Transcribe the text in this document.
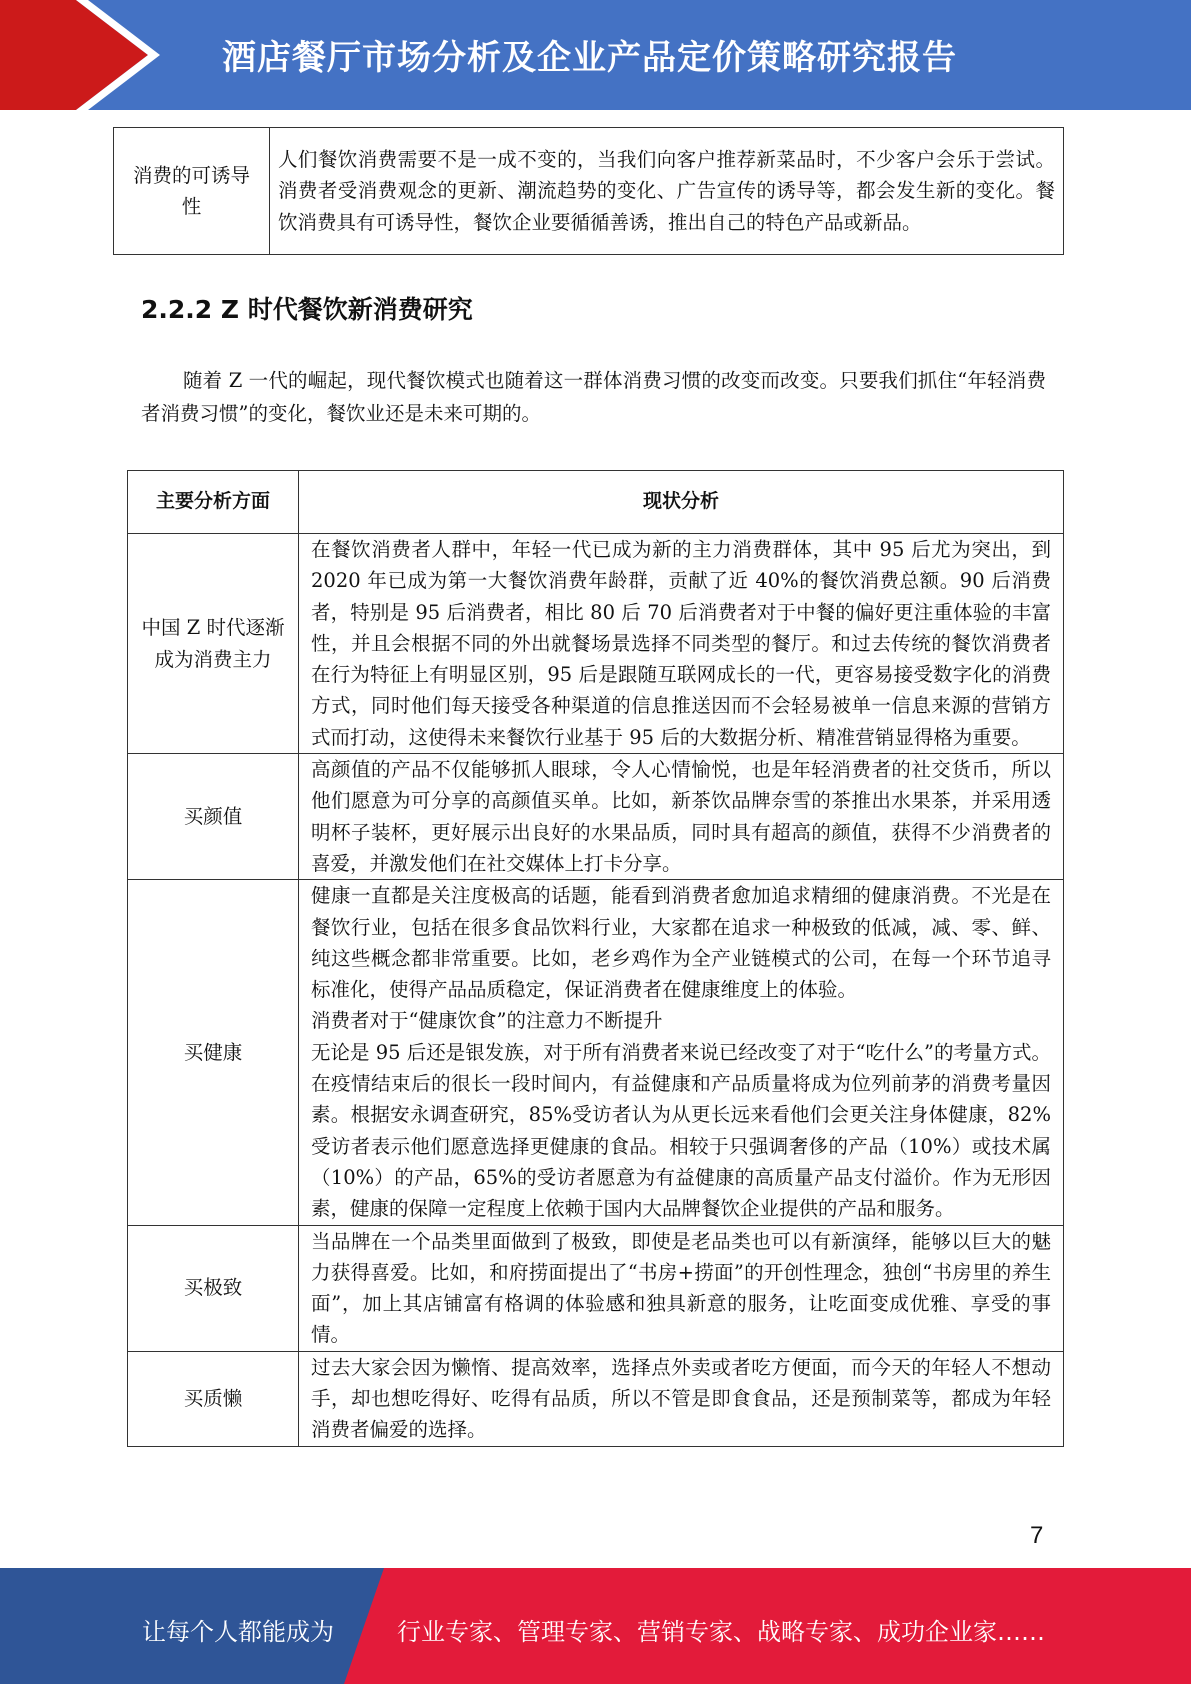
酒店餐厅市场分析及企业产品定价策略研究报告
消费的可诱导性	人们餐饮消费需要不是一成不变的，当我们向客户推荐新菜品时，不少客户会乐于尝试。消费者受消费观念的更新、潮流趋势的变化、广告宣传的诱导等，都会发生新的变化。餐饮消费具有可诱导性，餐饮企业要循循善诱，推出自己的特色产品或新品。
2.2.2 Z 时代餐饮新消费研究

随着 Z 一代的崛起，现代餐饮模式也随着这一群体消费习惯的改变而改变。只要我们抓住“年轻消费者消费习惯”的变化，餐饮业还是未来可期的。

主要分析方面	现状分析
中国 Z 时代逐渐成为消费主力	在餐饮消费者人群中，年轻一代已成为新的主力消费群体，其中 95 后尤为突出，到 2020 年已成为第一大餐饮消费年龄群，贡献了近 40%的餐饮消费总额。90 后消费者，特别是 95 后消费者，相比 80 后 70 后消费者对于中餐的偏好更注重体验的丰富性，并且会根据不同的外出就餐场景选择不同类型的餐厅。和过去传统的餐饮消费者在行为特征上有明显区别，95 后是跟随互联网成长的一代，更容易接受数字化的消费方式，同时他们每天接受各种渠道的信息推送因而不会轻易被单一信息来源的营销方式而打动，这使得未来餐饮行业基于 95 后的大数据分析、精准营销显得格为重要。

买颜值	高颜值的产品不仅能够抓人眼球，令人心情愉悦，也是年轻消费者的社交货币，所以他们愿意为可分享的高颜值买单。比如，新茶饮品牌奈雪的茶推出水果茶，并采用透明杯子装杯，更好展示出良好的水果品质，同时具有超高的颜值，获得不少消费者的喜爱，并激发他们在社交媒体上打卡分享。

买健康	健康一直都是关注度极高的话题，能看到消费者愈加追求精细的健康消费。不光是在餐饮行业，包括在很多食品饮料行业，大家都在追求一种极致的低减，减、零、鲜、纯这些概念都非常重要。比如，老乡鸡作为全产业链模式的公司，在每一个环节追寻标准化，使得产品品质稳定，保证消费者在健康维度上的体验。
消费者对于“健康饮食”的注意力不断提升
无论是 95 后还是银发族，对于所有消费者来说已经改变了对于“吃什么”的考量方式。在疫情结束后的很长一段时间内，有益健康和产品质量将成为位列前茅的消费考量因素。根据安永调查研究，85%受访者认为从更长远来看他们会更关注身体健康，82%受访者表示他们愿意选择更健康的食品。相较于只强调奢侈的产品（10%）或技术属（10%）的产品，65%的受访者愿意为有益健康的高质量产品支付溢价。作为无形因素，健康的保障一定程度上依赖于国内大品牌餐饮企业提供的产品和服务。

买极致	当品牌在一个品类里面做到了极致，即使是老品类也可以有新演绎，能够以巨大的魅力获得喜爱。比如，和府捞面提出了“书房+捞面”的开创性理念，独创“书房里的养生面”，加上其店铺富有格调的体验感和独具新意的服务，让吃面变成优雅、享受的事情。

买质懒	过去大家会因为懒惰、提高效率，选择点外卖或者吃方便面，而今天的年轻人不想动手，却也想吃得好、吃得有品质，所以不管是即食食品，还是预制菜等，都成为年轻消费者偏爱的选择。
7
让每个人都能成为	行业专家、管理专家、营销专家、战略专家、成功企业家……
